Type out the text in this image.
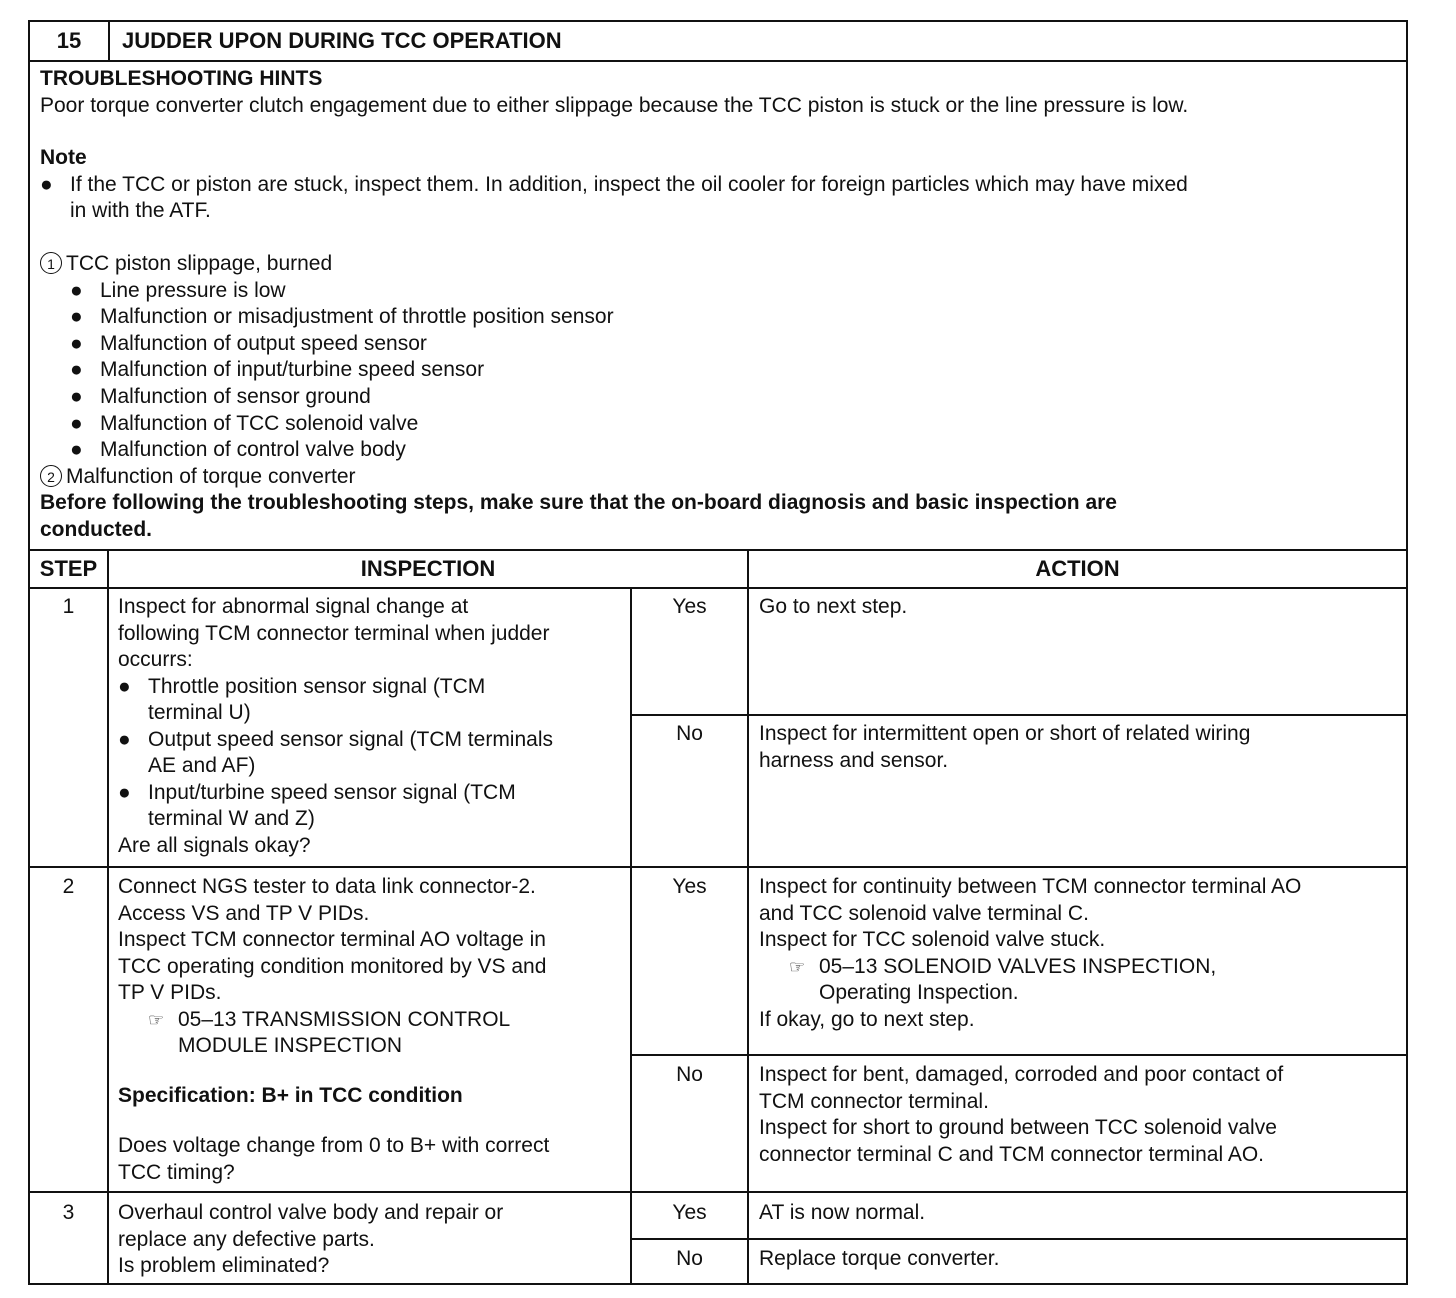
15	JUDDER UPON DURING TCC OPERATION
TROUBLESHOOTING HINTS
Poor torque converter clutch engagement due to either slippage because the TCC piston is stuck or the line pressure is low.
Note
● If the TCC or piston are stuck, inspect them. In addition, inspect the oil cooler for foreign particles which may have mixed
in with the ATF.
1 TCC piston slippage, burned
● Line pressure is low
● Malfunction or misadjustment of throttle position sensor
● Malfunction of output speed sensor
● Malfunction of input/turbine speed sensor
● Malfunction of sensor ground
● Malfunction of TCC solenoid valve
● Malfunction of control valve body
2 Malfunction of torque converter
Before following the troubleshooting steps, make sure that the on-board diagnosis and basic inspection are
conducted.
STEP	INSPECTION	ACTION
1	Inspect for abnormal signal change at
following TCM connector terminal when judder
occurrs:
● Throttle position sensor signal (TCM
terminal U)
● Output speed sensor signal (TCM terminals
AE and AF)
● Input/turbine speed sensor signal (TCM
terminal W and Z)
Are all signals okay?
Yes	Go to next step.
No	Inspect for intermittent open or short of related wiring
harness and sensor.
2	Connect NGS tester to data link connector-2.
Access VS and TP V PIDs.
Inspect TCM connector terminal AO voltage in
TCC operating condition monitored by VS and
TP V PIDs.
☞ 05–13 TRANSMISSION CONTROL
MODULE INSPECTION
Specification: B+ in TCC condition
Does voltage change from 0 to B+ with correct
TCC timing?
Yes	Inspect for continuity between TCM connector terminal AO
and TCC solenoid valve terminal C.
Inspect for TCC solenoid valve stuck.
☞ 05–13 SOLENOID VALVES INSPECTION,
Operating Inspection.
If okay, go to next step.
No	Inspect for bent, damaged, corroded and poor contact of
TCM connector terminal.
Inspect for short to ground between TCC solenoid valve
connector terminal C and TCM connector terminal AO.
3	Overhaul control valve body and repair or
replace any defective parts.
Is problem eliminated?
Yes	AT is now normal.
No	Replace torque converter.
